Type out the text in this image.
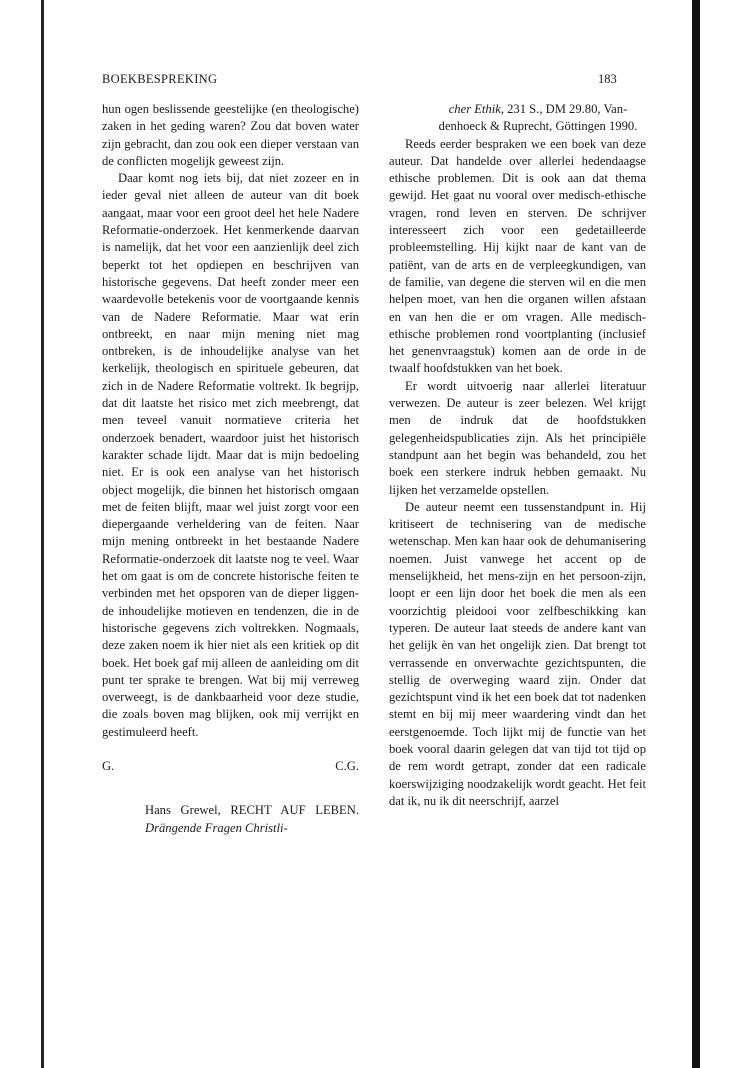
BOEKBESPREKING	183

hun ogen beslissende geestelijke (en theologische) zaken in het geding waren? Zou dat boven water zijn gebracht, dan zou ook een dieper verstaan van de conflicten mogelijk geweest zijn.

Daar komt nog iets bij, dat niet zozeer en in ieder geval niet alleen de auteur van dit boek aangaat, maar voor een groot deel het hele Nadere Reformatie-onderzoek. Het kenmerkende daarvan is namelijk, dat het voor een aanzienlijk deel zich beperkt tot het opdiepen en beschrijven van historische gegevens. Dat heeft zonder meer een waardevolle betekenis voor de voortgaande kennis van de Nadere Reformatie. Maar wat erin ontbreekt, en naar mijn mening niet mag ontbreken, is de inhoudelijke analyse van het kerkelijk, theologisch en spirituele gebeuren, dat zich in de Nadere Reformatie voltrekt. Ik begrijp, dat dit laatste het risico met zich meebrengt, dat men teveel vanuit normatieve criteria het onderzoek benadert, waardoor juist het historisch karakter schade lijdt. Maar dat is mijn bedoeling niet. Er is ook een analyse van het historisch object mogelijk, die binnen het historisch omgaan met de feiten blijft, maar wel juist zorgt voor een diepergaande verheldering van de feiten. Naar mijn mening ontbreekt in het bestaande Nadere Reformatie-onderzoek dit laatste nog te veel. Waar het om gaat is om de concrete historische feiten te verbinden met het opsporen van de dieper liggende inhoudelijke motieven en tendenzen, die in de historische gegevens zich voltrekken. Nogmaals, deze zaken noem ik hier niet als een kritiek op dit boek. Het boek gaf mij alleen de aanleiding om dit punt ter sprake te brengen. Wat bij mij verreweg overweegt, is de dankbaarheid voor deze studie, die zoals boven mag blijken, ook mij verrijkt en gestimuleerd heeft.

G.	C.G.
Hans Grewel, RECHT AUF LEBEN. Drängende Fragen Christli-
cher Ethik, 231 S., DM 29.80, Vandenhoeck & Ruprecht, Göttingen 1990.

Reeds eerder bespraken we een boek van deze auteur. Dat handelde over allerlei hedendaagse ethische problemen. Dit is ook aan dat thema gewijd. Het gaat nu vooral over medisch-ethische vragen, rond leven en sterven. De schrijver interesseert zich voor een gedetailleerde probleemstelling. Hij kijkt naar de kant van de patiënt, van de arts en de verpleegkundigen, van de familie, van degene die sterven wil en die men helpen moet, van hen die organen willen afstaan en van hen die er om vragen. Alle medisch-ethische problemen rond voortplanting (inclusief het genenvraagstuk) komen aan de orde in de twaalf hoofdstukken van het boek.

Er wordt uitvoerig naar allerlei literatuur verwezen. De auteur is zeer belezen. Wel krijgt men de indruk dat de hoofdstukken gelegenheidspublicaties zijn. Als het principiële standpunt aan het begin was behandeld, zou het boek een sterkere indruk hebben gemaakt. Nu lijken het verzamelde opstellen.

De auteur neemt een tussenstandpunt in. Hij kritiseert de technisering van de medische wetenschap. Men kan haar ook de dehumanisering noemen. Juist vanwege het accent op de menselijkheid, het mens-zijn en het persoon-zijn, loopt er een lijn door het boek die men als een voorzichtig pleidooi voor zelfbeschikking kan typeren. De auteur laat steeds de andere kant van het gelijk èn van het ongelijk zien. Dat brengt tot verrassende en onverwachte gezichtspunten, die stellig de overweging waard zijn. Onder dat gezichtspunt vind ik het een boek dat tot nadenken stemt en bij mij meer waardering vindt dan het eerstgenoemde. Toch lijkt mij de functie van het boek vooral daarin gelegen dat van tijd tot tijd op de rem wordt getrapt, zonder dat een radicale koerswijziging noodzakelijk wordt geacht. Het feit dat ik, nu ik dit neerschrijf, aarzel
